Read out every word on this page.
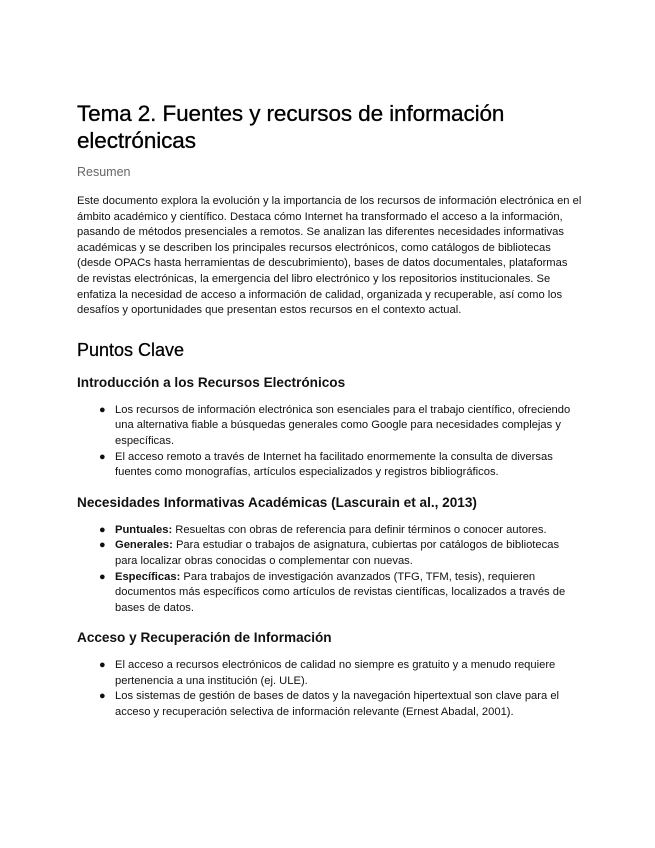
Tema 2. Fuentes y recursos de información electrónicas

Resumen

Este documento explora la evolución y la importancia de los recursos de información electrónica en el ámbito académico y científico. Destaca cómo Internet ha transformado el acceso a la información, pasando de métodos presenciales a remotos. Se analizan las diferentes necesidades informativas académicas y se describen los principales recursos electrónicos, como catálogos de bibliotecas (desde OPACs hasta herramientas de descubrimiento), bases de datos documentales, plataformas de revistas electrónicas, la emergencia del libro electrónico y los repositorios institucionales. Se enfatiza la necesidad de acceso a información de calidad, organizada y recuperable, así como los desafíos y oportunidades que presentan estos recursos en el contexto actual.

Puntos Clave
Introducción a los Recursos Electrónicos
● Los recursos de información electrónica son esenciales para el trabajo científico, ofreciendo una alternativa fiable a búsquedas generales como Google para necesidades complejas y específicas.
● El acceso remoto a través de Internet ha facilitado enormemente la consulta de diversas fuentes como monografías, artículos especializados y registros bibliográficos.
Necesidades Informativas Académicas (Lascurain et al., 2013)
● Puntuales: Resueltas con obras de referencia para definir términos o conocer autores.
● Generales: Para estudiar o trabajos de asignatura, cubiertas por catálogos de bibliotecas para localizar obras conocidas o complementar con nuevas.
● Específicas: Para trabajos de investigación avanzados (TFG, TFM, tesis), requieren documentos más específicos como artículos de revistas científicas, localizados a través de bases de datos.
Acceso y Recuperación de Información
● El acceso a recursos electrónicos de calidad no siempre es gratuito y a menudo requiere pertenencia a una institución (ej. ULE).
● Los sistemas de gestión de bases de datos y la navegación hipertextual son clave para el acceso y recuperación selectiva de información relevante (Ernest Abadal, 2001).
